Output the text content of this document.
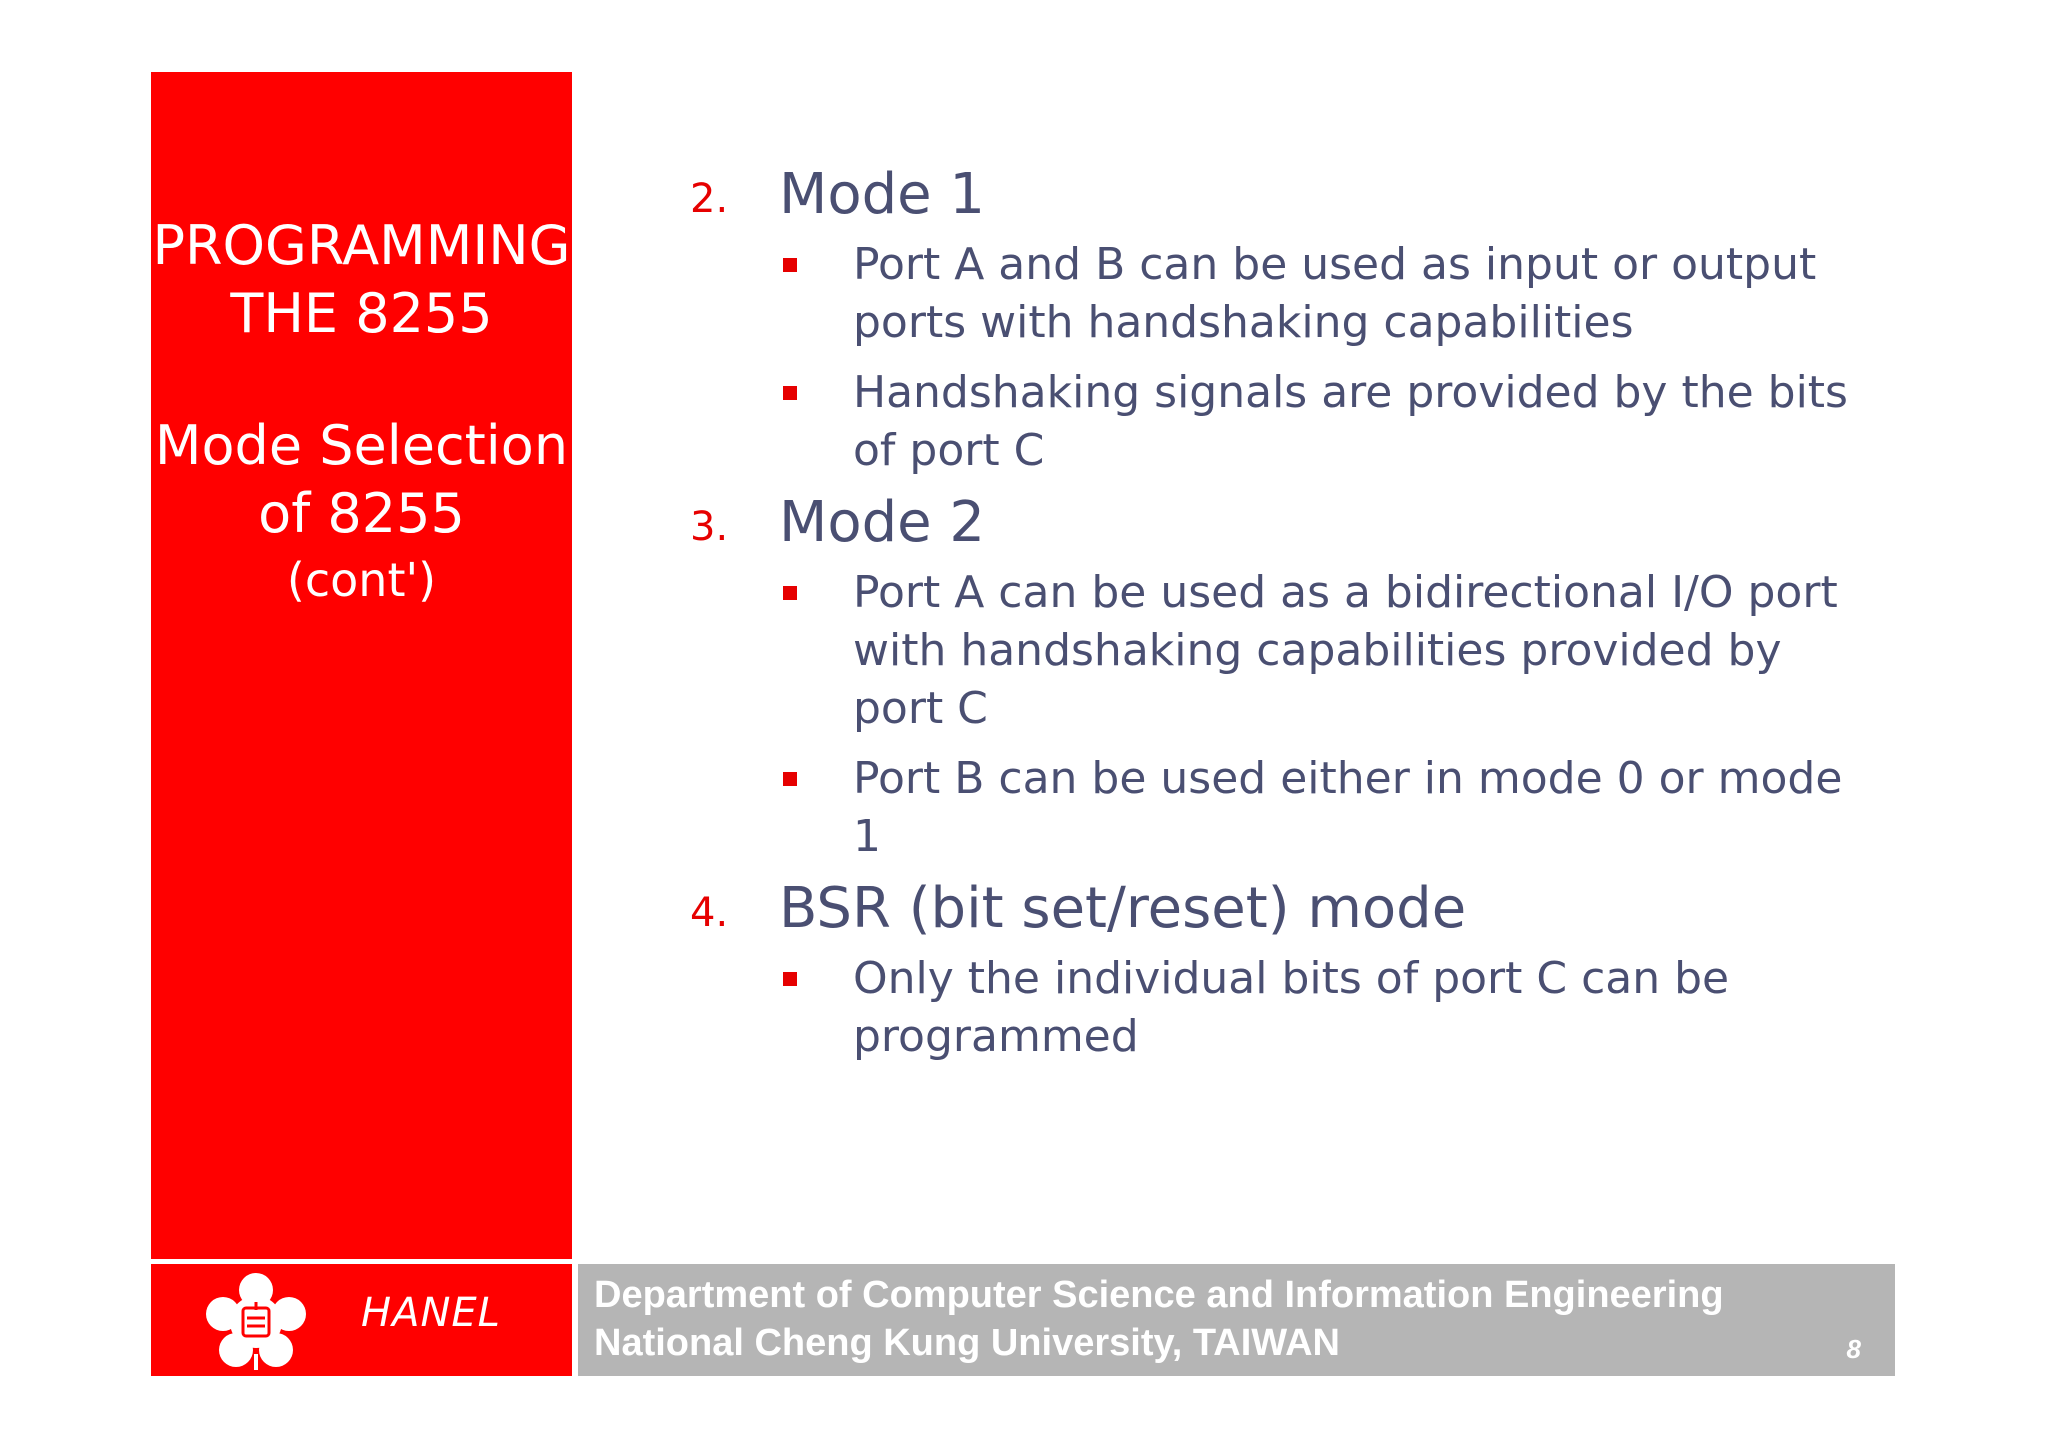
PROGRAMMING
THE 8255
Mode Selection
of 8255
(cont')
2. Mode 1
Port A and B can be used as input or output ports with handshaking capabilities
Handshaking signals are provided by the bits of port C
3. Mode 2
Port A can be used as a bidirectional I/O port with handshaking capabilities provided by port C
Port B can be used either in mode 0 or mode 1
4. BSR (bit set/reset) mode
Only the individual bits of port C can be programmed
HANEL Department of Computer Science and Information Engineering
National Cheng Kung University, TAIWAN	8
